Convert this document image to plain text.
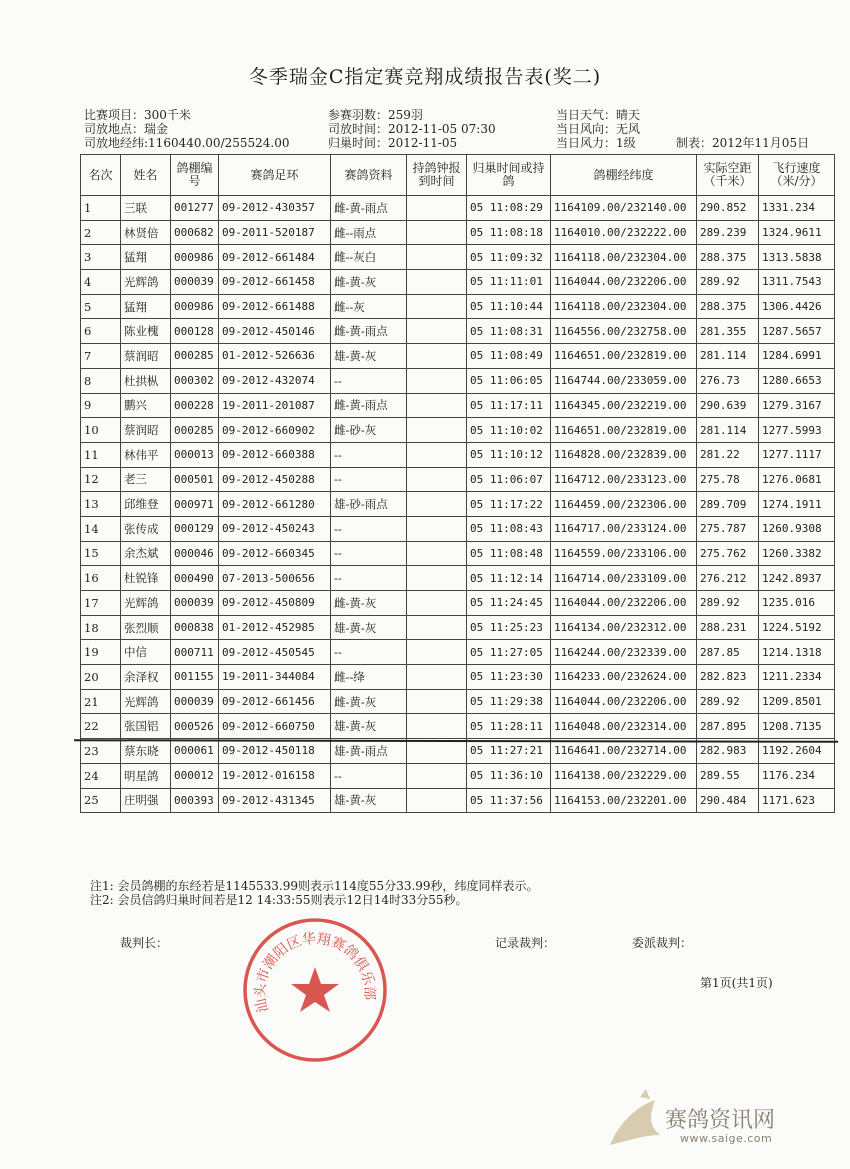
冬季瑞金C指定赛竞翔成绩报告表(奖二)
比赛项目：300千米
司放地点：瑞金
司放地经纬:1160440.00/255524.00
参赛羽数：259羽
司放时间：2012-11-05 07:30
归巢时间：2012-11-05
当日天气：晴天
当日风向：无风
当日风力：1级	制表：2012年11月05日
名次	姓名	鸽棚编号	赛鸽足环	赛鸽资料	持鸽钟报到时间	归巢时间或持鸽	鸽棚经纬度	实际空距（千米）	飞行速度（米/分）
1	三联	001277	09-2012-430357	雌-黄-雨点		05 11:08:29	1164109.00/232140.00	290.852	1331.234
2	林贤倍	000682	09-2011-520187	雌--雨点		05 11:08:18	1164010.00/232222.00	289.239	1324.9611
3	猛翔	000986	09-2012-661484	雌--灰白		05 11:09:32	1164118.00/232304.00	288.375	1313.5838
4	光辉鸽	000039	09-2012-661458	雌-黄-灰		05 11:11:01	1164044.00/232206.00	289.92	1311.7543
5	猛翔	000986	09-2012-661488	雌--灰		05 11:10:44	1164118.00/232304.00	288.375	1306.4426
6	陈业槐	000128	09-2012-450146	雌-黄-雨点		05 11:08:31	1164556.00/232758.00	281.355	1287.5657
7	蔡润昭	000285	01-2012-526636	雄-黄-灰		05 11:08:49	1164651.00/232819.00	281.114	1284.6991
8	杜拱枞	000302	09-2012-432074	--		05 11:06:05	1164744.00/233059.00	276.73	1280.6653
9	鹏兴	000228	19-2011-201087	雌-黄-雨点		05 11:17:11	1164345.00/232219.00	290.639	1279.3167
10	蔡润昭	000285	09-2012-660902	雌-砂-灰		05 11:10:02	1164651.00/232819.00	281.114	1277.5993
11	林伟平	000013	09-2012-660388	--		05 11:10:12	1164828.00/232839.00	281.22	1277.1117
12	老三	000501	09-2012-450288	--		05 11:06:07	1164712.00/233123.00	275.78	1276.0681
13	邱维登	000971	09-2012-661280	雄-砂-雨点		05 11:17:22	1164459.00/232306.00	289.709	1274.1911
14	张传成	000129	09-2012-450243	--		05 11:08:43	1164717.00/233124.00	275.787	1260.9308
15	余杰斌	000046	09-2012-660345	--		05 11:08:48	1164559.00/233106.00	275.762	1260.3382
16	杜锐锋	000490	07-2013-500656	--		05 11:12:14	1164714.00/233109.00	276.212	1242.8937
17	光辉鸽	000039	09-2012-450809	雌-黄-灰		05 11:24:45	1164044.00/232206.00	289.92	1235.016
18	张烈顺	000838	01-2012-452985	雄-黄-灰		05 11:25:23	1164134.00/232312.00	288.231	1224.5192
19	中信	000711	09-2012-450545	--		05 11:27:05	1164244.00/232339.00	287.85	1214.1318
20	余泽权	001155	19-2011-344084	雌--绛		05 11:23:30	1164233.00/232624.00	282.823	1211.2334
21	光辉鸽	000039	09-2012-661456	雌-黄-灰		05 11:29:38	1164044.00/232206.00	289.92	1209.8501
22	张国铝	000526	09-2012-660750	雄-黄-灰		05 11:28:11	1164048.00/232314.00	287.895	1208.7135
23	蔡东晓	000061	09-2012-450118	雄-黄-雨点		05 11:27:21	1164641.00/232714.00	282.983	1192.2604
24	明星鸽	000012	19-2012-016158	--		05 11:36:10	1164138.00/232229.00	289.55	1176.234
25	庄明强	000393	09-2012-431345	雄-黄-灰		05 11:37:56	1164153.00/232201.00	290.484	1171.623
注1: 会员鸽棚的东经若是1145533.99则表示114度55分33.99秒，纬度同样表示。
注2: 会员信鸽归巢时间若是12 14:33:55则表示12日14时33分55秒。
裁判长：	记录裁判：	委派裁判：
第1页(共1页)
汕头市潮阳区华翔赛鸽俱乐部
赛鸽资讯网
www.saige.com
